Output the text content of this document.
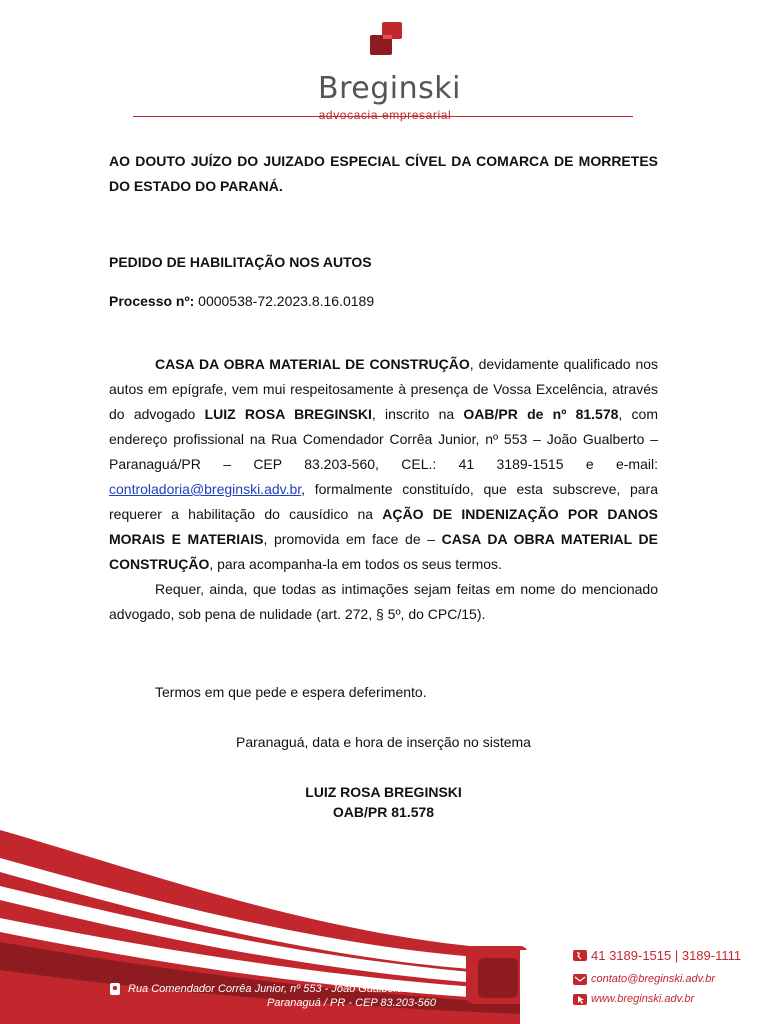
Breginski
advocacia empresarial
AO DOUTO JUÍZO DO JUIZADO ESPECIAL CÍVEL DA COMARCA DE MORRETES DO ESTADO DO PARANÁ.
PEDIDO DE HABILITAÇÃO NOS AUTOS
Processo nº: 0000538-72.2023.8.16.0189

CASA DA OBRA MATERIAL DE CONSTRUÇÃO, devidamente qualificado nos autos em epígrafe, vem mui respeitosamente à presença de Vossa Excelência, através do advogado LUIZ ROSA BREGINSKI, inscrito na OAB/PR de nº 81.578, com endereço profissional na Rua Comendador Corrêa Junior, nº 553 – João Gualberto – Paranaguá/PR – CEP 83.203-560, CEL.: 41 3189-1515 e e-mail: controladoria@breginski.adv.br, formalmente constituído, que esta subscreve, para requerer a habilitação do causídico na AÇÃO DE INDENIZAÇÃO POR DANOS MORAIS E MATERIAIS, promovida em face de – CASA DA OBRA MATERIAL DE CONSTRUÇÃO, para acompanha-la em todos os seus termos.

Requer, ainda, que todas as intimações sejam feitas em nome do mencionado advogado, sob pena de nulidade (art. 272, § 5º, do CPC/15).

Termos em que pede e espera deferimento.
Paranaguá, data e hora de inserção no sistema
LUIZ ROSA BREGINSKI
OAB/PR 81.578
Rua Comendador Corrêa Junior, nº 553 - João Gualberto
Paranaguá / PR - CEP 83.203-560
41 3189-1515 | 3189-1111
contato@breginski.adv.br
www.breginski.adv.br
